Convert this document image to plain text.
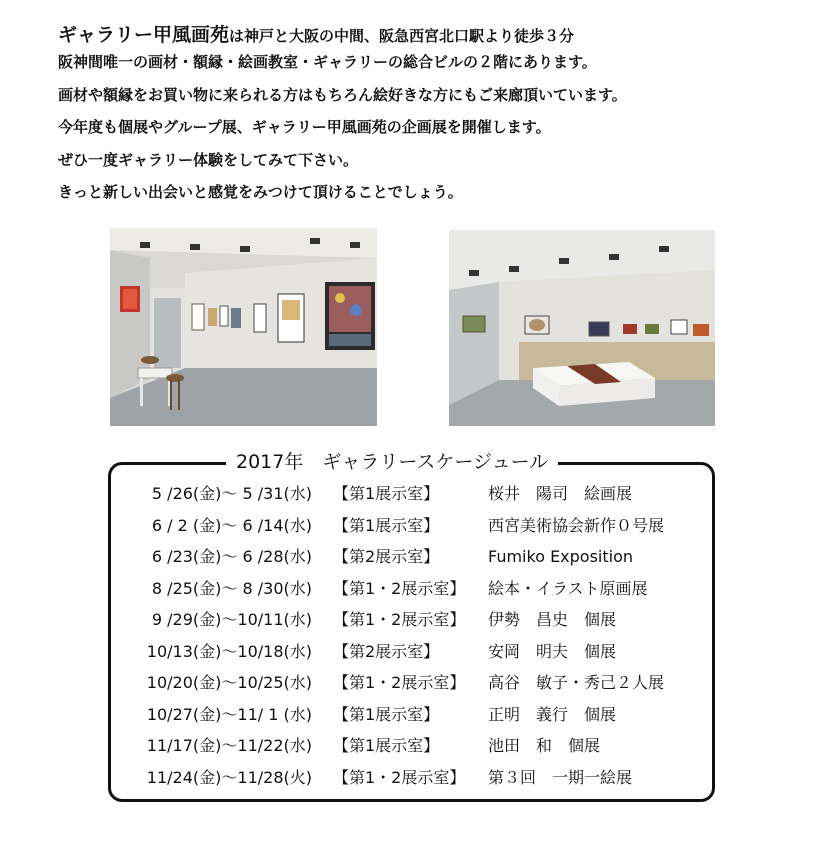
ギャラリー甲風画苑は神戸と大阪の中間、阪急西宮北口駅より徒歩３分
阪神間唯一の画材・額縁・絵画教室・ギャラリーの総合ビルの２階にあります。
画材や額縁をお買い物に来られる方はもちろん絵好きな方にもご来廊頂いています。
今年度も個展やグループ展、ギャラリー甲風画苑の企画展を開催します。
ぜひ一度ギャラリー体験をしてみて下さい。
きっと新しい出会いと感覚をみつけて頂けることでしょう。
2017年　ギャラリースケージュール
5 /26(金)～ 5 /31(水) 【第1展示室】	桜井　陽司　絵画展
6 / 2 (金)～ 6 /14(水) 【第1展示室】	西宮美術協会新作０号展
6 /23(金)～ 6 /28(水) 【第2展示室】	Fumiko Exposition
8 /25(金)～ 8 /30(水) 【第1・2展示室】 絵本・イラスト原画展
9 /29(金)～10/11(水) 【第1・2展示室】 伊勢　昌史　個展
10/13(金)～10/18(水) 【第2展示室】	安岡　明夫　個展
10/20(金)～10/25(水) 【第1・2展示室】 高谷　敏子・秀己２人展
10/27(金)～11/ 1 (水) 【第1展示室】	正明　義行　個展
11/17(金)～11/22(水) 【第1展示室】	池田　和　個展
11/24(金)～11/28(火) 【第1・2展示室】 第３回　一期一絵展
